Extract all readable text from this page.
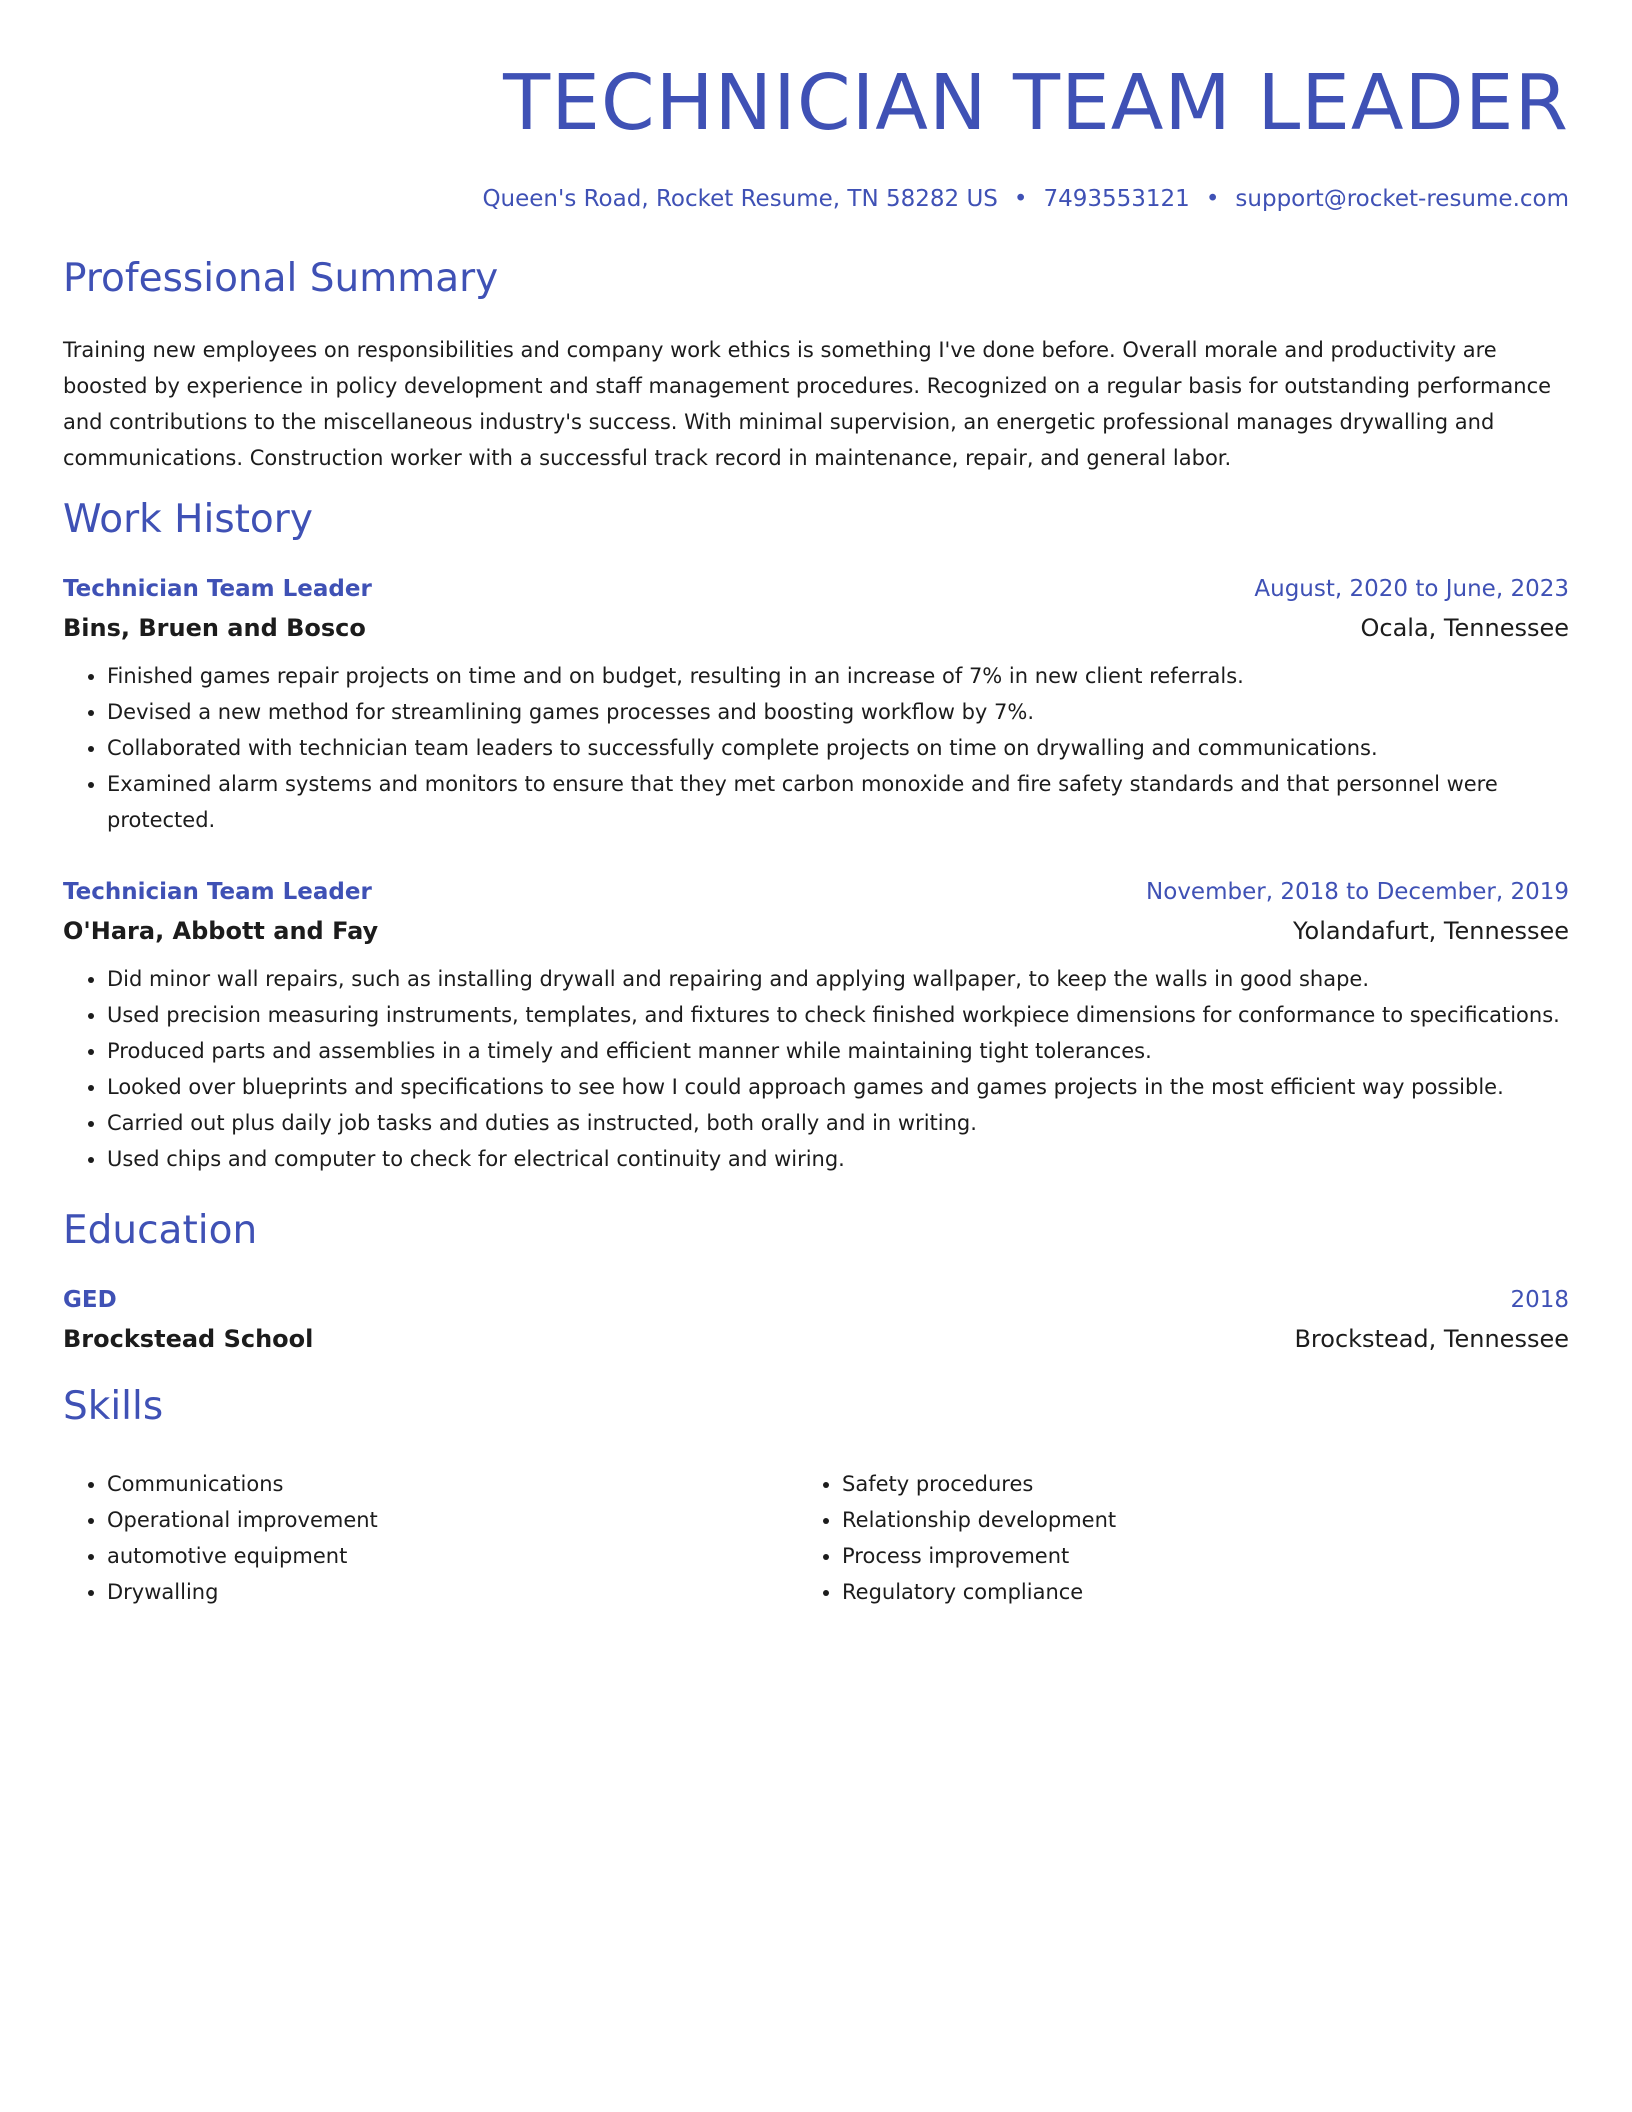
TECHNICIAN TEAM LEADER
Queen's Road, Rocket Resume, TN 58282 US • 7493553121 • support@rocket-resume.com
Professional Summary
Training new employees on responsibilities and company work ethics is something I've done before. Overall morale and productivity are boosted by experience in policy development and staff management procedures. Recognized on a regular basis for outstanding performance and contributions to the miscellaneous industry's success. With minimal supervision, an energetic professional manages drywalling and communications. Construction worker with a successful track record in maintenance, repair, and general labor.
Work History
Technician Team Leader	August, 2020 to June, 2023
Bins, Bruen and Bosco	Ocala, Tennessee
• Finished games repair projects on time and on budget, resulting in an increase of 7% in new client referrals.
• Devised a new method for streamlining games processes and boosting workflow by 7%.
• Collaborated with technician team leaders to successfully complete projects on time on drywalling and communications.
• Examined alarm systems and monitors to ensure that they met carbon monoxide and fire safety standards and that personnel were protected.
Technician Team Leader	November, 2018 to December, 2019
O'Hara, Abbott and Fay	Yolandafurt, Tennessee
• Did minor wall repairs, such as installing drywall and repairing and applying wallpaper, to keep the walls in good shape.
• Used precision measuring instruments, templates, and fixtures to check finished workpiece dimensions for conformance to specifications.
• Produced parts and assemblies in a timely and efficient manner while maintaining tight tolerances.
• Looked over blueprints and specifications to see how I could approach games and games projects in the most efficient way possible.
• Carried out plus daily job tasks and duties as instructed, both orally and in writing.
• Used chips and computer to check for electrical continuity and wiring.
Education
GED	2018
Brockstead School	Brockstead, Tennessee
Skills
• Communications
• Operational improvement
• automotive equipment
• Drywalling
• Safety procedures
• Relationship development
• Process improvement
• Regulatory compliance
